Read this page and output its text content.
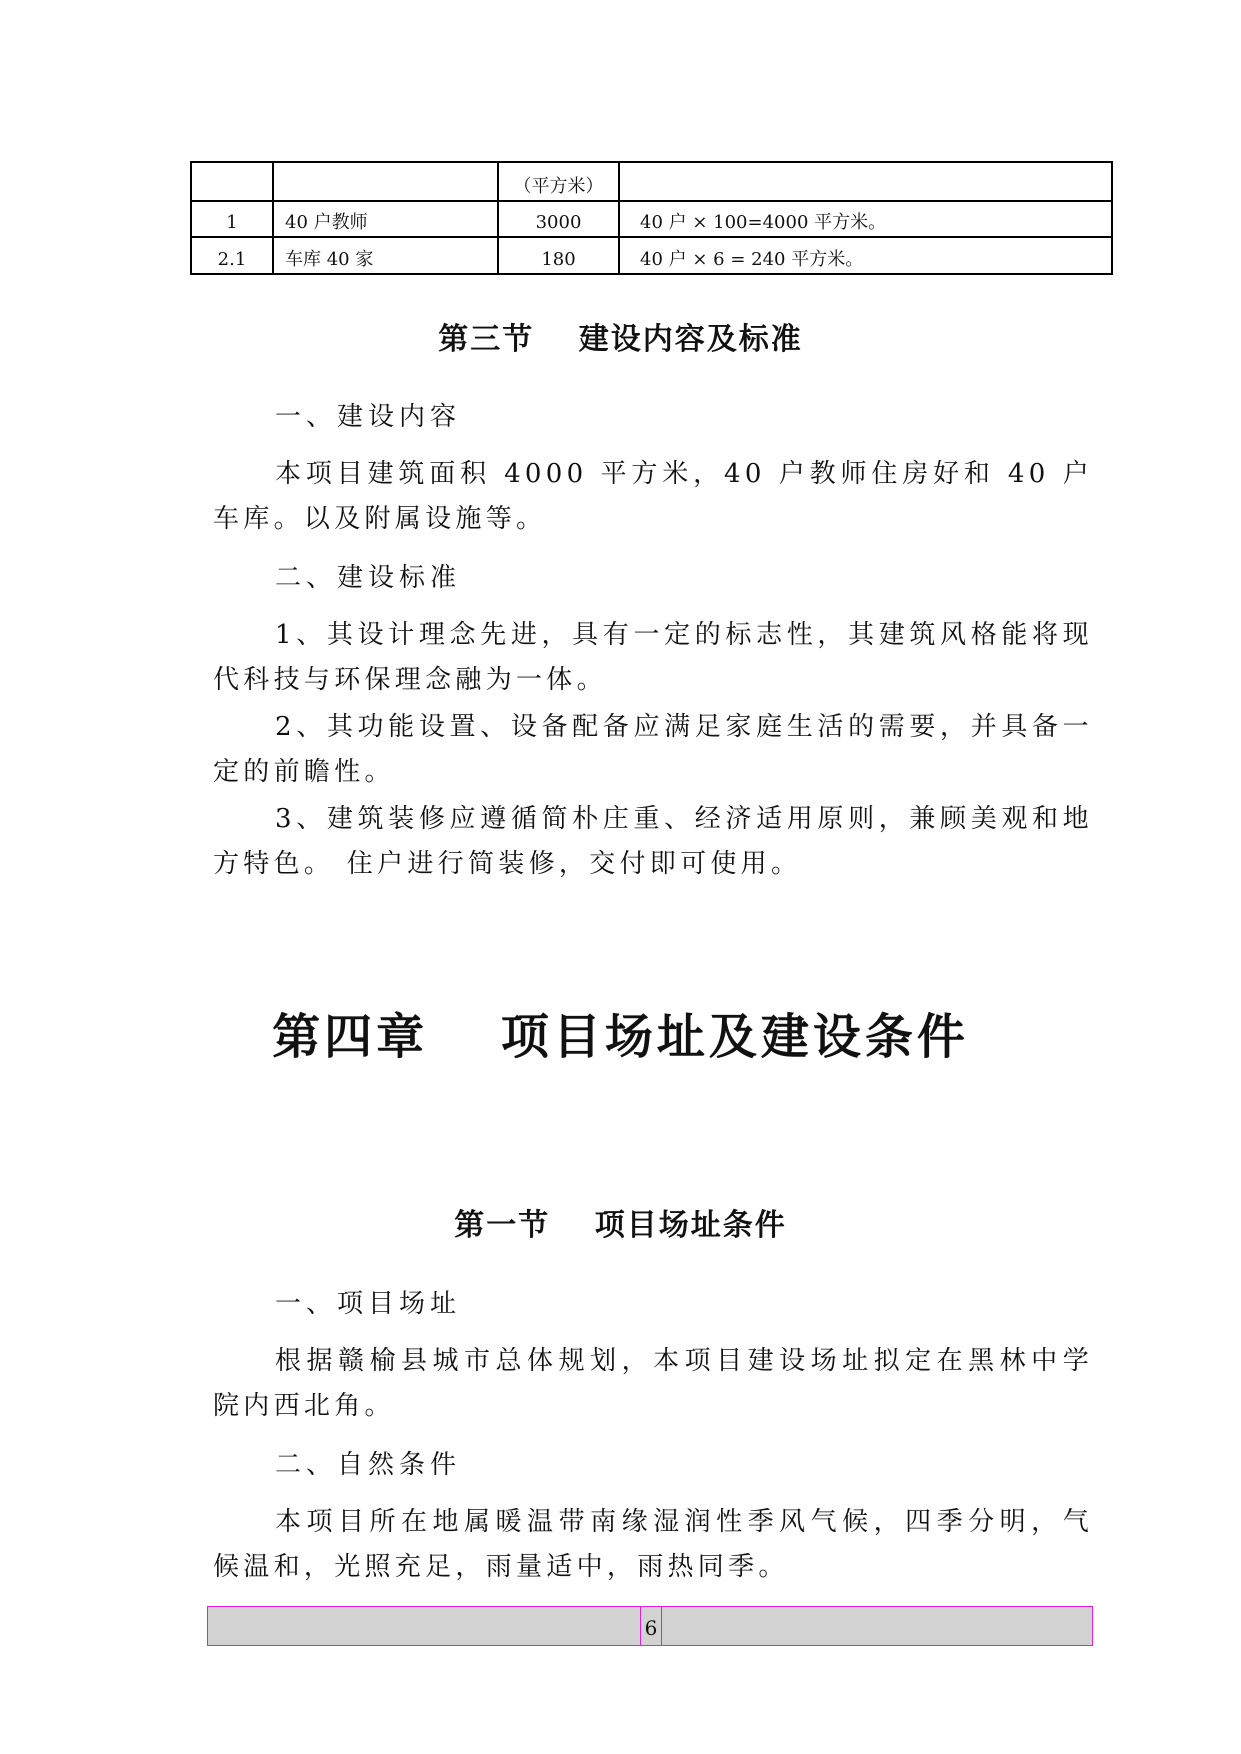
		（平方米）	
1	40 户教师	3000	40 户 × 100=4000 平方米。
2.1	车库 40 家	180	40 户 × 6 = 240 平方米。
第三节　 建设内容及标准

一、建设内容

本项目建筑面积 4000 平方米，40 户教师住房好和 40 户车库。以及附属设施等。

二、建设标准

1、其设计理念先进，具有一定的标志性，其建筑风格能将现代科技与环保理念融为一体。

2、其功能设置、设备配备应满足家庭生活的需要，并具备一定的前瞻性。

3、建筑装修应遵循简朴庄重、经济适用原则，兼顾美观和地方特色。 住户进行简装修，交付即可使用。

第四章　 项目场址及建设条件
第一节　 项目场址条件

一、项目场址

根据赣榆县城市总体规划，本项目建设场址拟定在黑林中学院内西北角。

二、自然条件

本项目所在地属暖温带南缘湿润性季风气候，四季分明，气候温和，光照充足，雨量适中，雨热同季。

6
